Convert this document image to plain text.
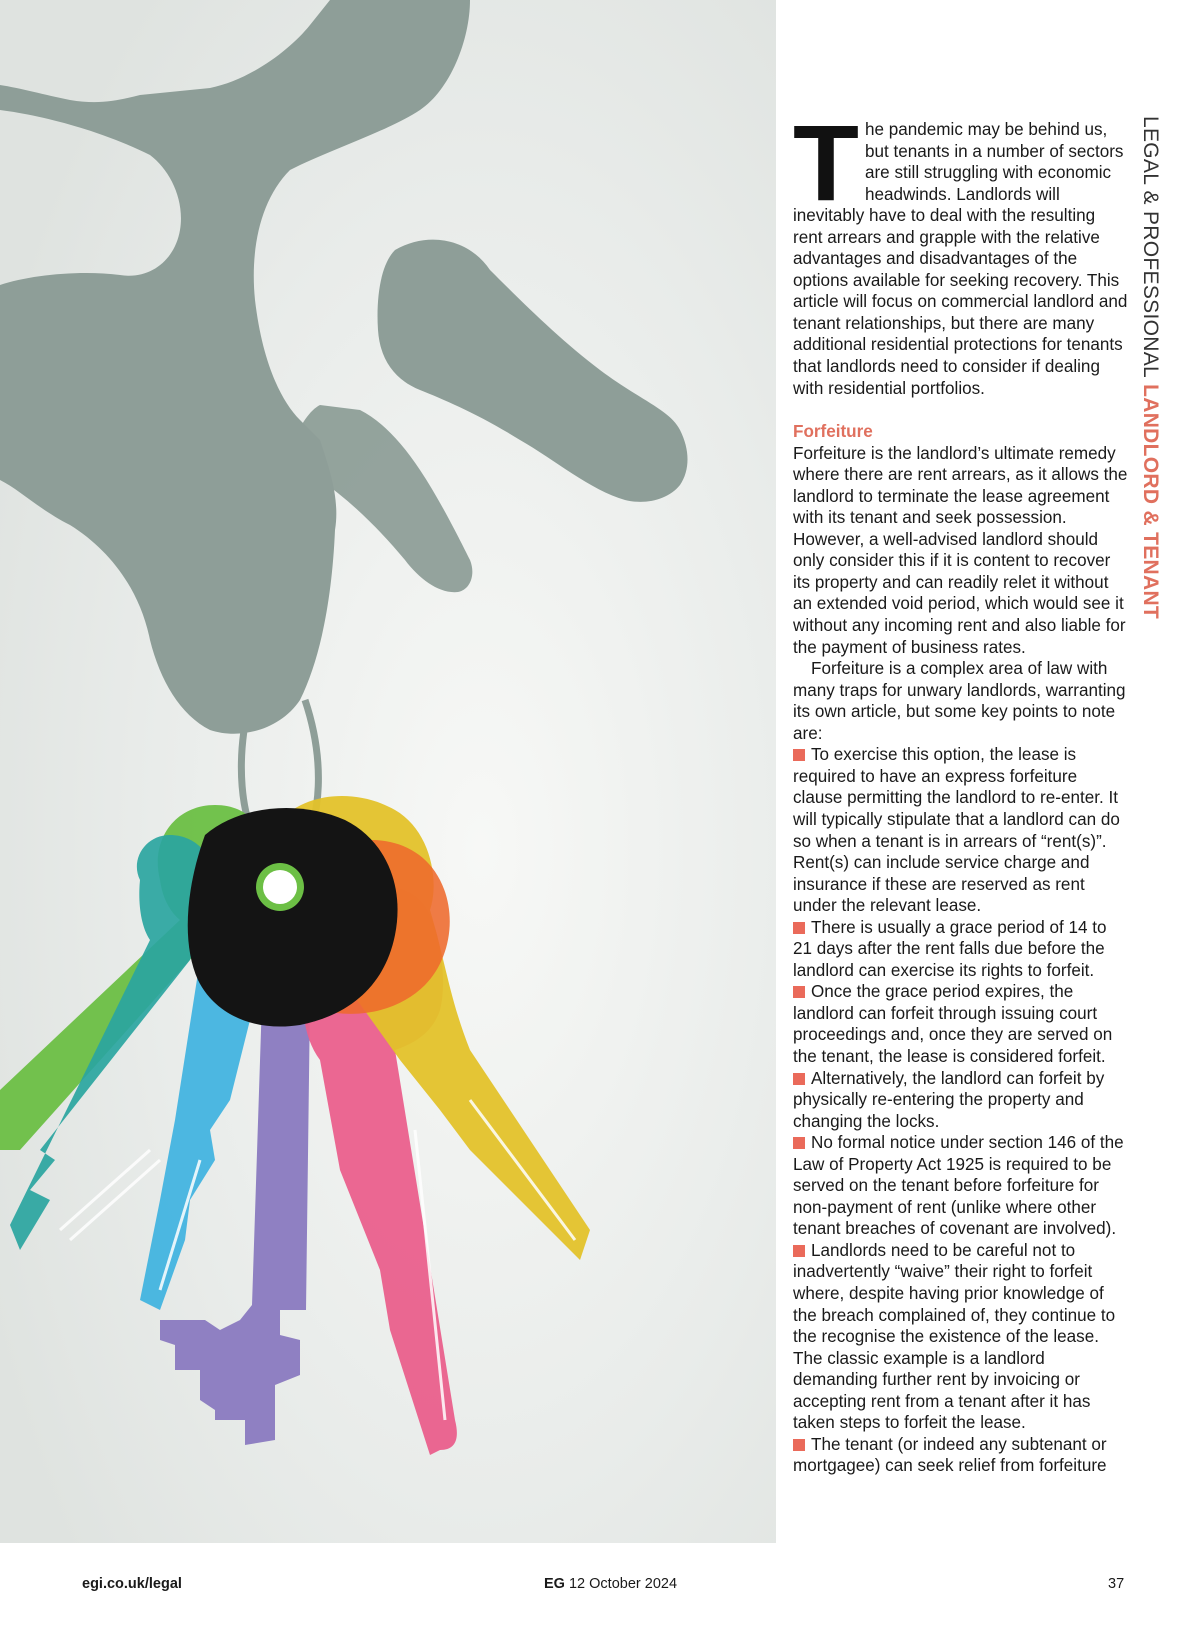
The pandemic may be behind us, but tenants in a number of sectors are still struggling with economic headwinds. Landlords will inevitably have to deal with the resulting rent arrears and grapple with the relative advantages and disadvantages of the options available for seeking recovery. This article will focus on commercial landlord and tenant relationships, but there are many additional residential protections for tenants that landlords need to consider if dealing with residential portfolios.

Forfeiture

Forfeiture is the landlord’s ultimate remedy where there are rent arrears, as it allows the landlord to terminate the lease agreement with its tenant and seek possession. However, a well-advised landlord should only consider this if it is content to recover its property and can readily relet it without an extended void period, which would see it without any incoming rent and also liable for the payment of business rates.

Forfeiture is a complex area of law with many traps for unwary landlords, warranting its own article, but some key points to note are:

To exercise this option, the lease is required to have an express forfeiture clause permitting the landlord to re-enter. It will typically stipulate that a landlord can do so when a tenant is in arrears of “rent(s)”. Rent(s) can include service charge and insurance if these are reserved as rent under the relevant lease.

There is usually a grace period of 14 to 21 days after the rent falls due before the landlord can exercise its rights to forfeit.

Once the grace period expires, the landlord can forfeit through issuing court proceedings and, once they are served on the tenant, the lease is considered forfeit.

Alternatively, the landlord can forfeit by physically re-entering the property and changing the locks.

No formal notice under section 146 of the Law of Property Act 1925 is required to be served on the tenant before forfeiture for non-payment of rent (unlike where other tenant breaches of covenant are involved).

Landlords need to be careful not to inadvertently “waive” their right to forfeit where, despite having prior knowledge of the breach complained of, they continue to the recognise the existence of the lease. The classic example is a landlord demanding further rent by invoicing or accepting rent from a tenant after it has taken steps to forfeit the lease.

The tenant (or indeed any subtenant or mortgagee) can seek relief from forfeiture

LEGAL & PROFESSIONAL LANDLORD & TENANT
egi.co.uk/legal	EG 12 October 2024	37
